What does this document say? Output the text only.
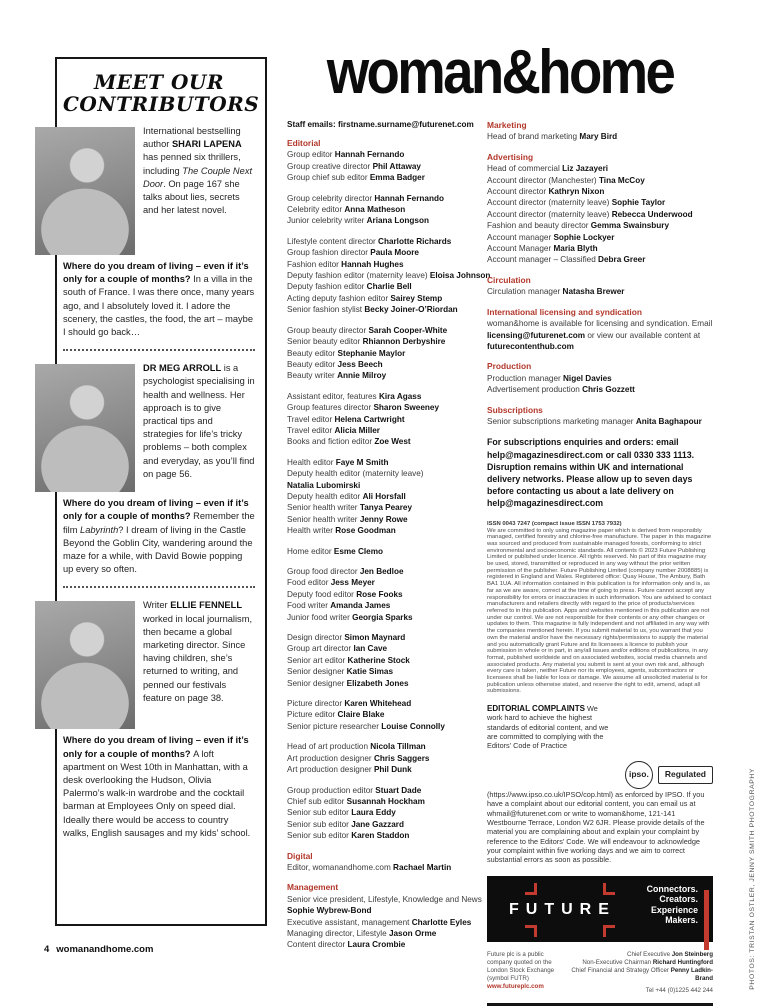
woman&home
MEET OUR
CONTRIBUTORS
International bestselling author SHARI LAPENA has penned six thrillers, including The Couple Next Door. On page 167 she talks about lies, secrets and her latest novel.
Where do you dream of living – even if it’s only for a couple of months? In a villa in the south of France. I was there once, many years ago, and I absolutely loved it. I adore the scenery, the castles, the food, the art – maybe I should go back…
DR MEG ARROLL is a psychologist specialising in health and wellness. Her approach is to give practical tips and strategies for life’s tricky problems – both complex and everyday, as you’ll find on page 56.
Where do you dream of living – even if it’s only for a couple of months? Remember the film Labyrinth? I dream of living in the Castle Beyond the Goblin City, wandering around the maze for a while, with David Bowie popping up every so often.
Writer ELLIE FENNELL worked in local journalism, then became a global marketing director. Since having children, she’s returned to writing, and penned our festivals feature on page 38.
Where do you dream of living – even if it’s only for a couple of months? A loft apartment on West 10th in Manhattan, with a desk overlooking the Hudson, Olivia Palermo’s walk-in wardrobe and the cocktail barman at Employees Only on speed dial. Ideally there would be access to country walks, English sausages and my kids’ school.
Staff emails: firstname.surname@futurenet.com
Editorial
Group editor Hannah Fernando
Group creative director Phil Attaway
Group chief sub editor Emma Badger
Group celebrity director Hannah Fernando
Celebrity editor Anna Matheson
Junior celebrity writer Ariana Longson
Lifestyle content director Charlotte Richards
Group fashion director Paula Moore
Fashion editor Hannah Hughes
Deputy fashion editor (maternity leave) Eloisa Johnson
Deputy fashion editor Charlie Bell
Acting deputy fashion editor Sairey Stemp
Senior fashion stylist Becky Joiner-O’Riordan
Group beauty director Sarah Cooper-White
Senior beauty editor Rhiannon Derbyshire
Beauty editor Stephanie Maylor
Beauty editor Jess Beech
Beauty writer Annie Milroy
Assistant editor, features Kira Agass
Group features director Sharon Sweeney
Travel editor Helena Cartwright
Travel editor Alicia Miller
Books and fiction editor Zoe West
Health editor Faye M Smith
Deputy health editor (maternity leave)
Natalia Lubomirski
Deputy health editor Ali Horsfall
Senior health writer Tanya Pearey
Senior health writer Jenny Rowe
Health writer Rose Goodman
Home editor Esme Clemo
Group food director Jen Bedloe
Food editor Jess Meyer
Deputy food editor Rose Fooks
Food writer Amanda James
Junior food writer Georgia Sparks
Design director Simon Maynard
Group art director Ian Cave
Senior art editor Katherine Stock
Senior designer Katie Simas
Senior designer Elizabeth Jones
Picture director Karen Whitehead
Picture editor Claire Blake
Senior picture researcher Louise Connolly
Head of art production Nicola Tillman
Art production designer Chris Saggers
Art production designer Phil Dunk
Group production editor Stuart Dade
Chief sub editor Susannah Hockham
Senior sub editor Laura Eddy
Senior sub editor Jane Gazzard
Senior sub editor Karen Staddon
Digital
Editor, womanandhome.com Rachael Martin
Management
Senior vice president, Lifestyle, Knowledge and News
Sophie Wybrew-Bond
Executive assistant, management Charlotte Eyles
Managing director, Lifestyle Jason Orme
Content director Laura Crombie
Marketing
Head of brand marketing Mary Bird
Advertising
Head of commercial Liz Jazayeri
Account director (Manchester) Tina McCoy
Account director Kathryn Nixon
Account director (maternity leave) Sophie Taylor
Account director (maternity leave) Rebecca Underwood
Fashion and beauty director Gemma Swainsbury
Account manager Sophie Lockyer
Account Manager Maria Blyth
Account manager – Classified Debra Greer
Circulation
Circulation manager Natasha Brewer
International licensing and syndication
woman&home is available for licensing and syndication. Email licensing@futurenet.com or view our available content at futurecontenthub.com
Production
Production manager Nigel Davies
Advertisement production Chris Gozzett
Subscriptions
Senior subscriptions marketing manager Anita Baghapour
For subscriptions enquiries and orders: email help@magazinesdirect.com or call 0330 333 1113. Disruption remains within UK and international delivery networks. Please allow up to seven days before contacting us about a late delivery on help@magazinesdirect.com
ISSN 0043 7247 (compact issue ISSN 1753 7932)
We are committed to only using magazine paper which is derived from responsibly managed, certified forestry and chlorine-free manufacture. The paper in this magazine was sourced and produced from sustainable managed forests, conforming to strict environmental and socioeconomic standards. All contents © 2023 Future Publishing Limited or published under licence. All rights reserved. No part of this magazine may be used, stored, transmitted or reproduced in any way without the prior written permission of the publisher. Future Publishing Limited (company number 2008885) is registered in England and Wales. Registered office: Quay House, The Ambury, Bath BA1 1UA. All information contained in this publication is for information only and is, as far as we are aware, correct at the time of going to press. Future cannot accept any responsibility for errors or inaccuracies in such information. You are advised to contact manufacturers and retailers directly with regard to the price of products/services referred to in this publication. Apps and websites mentioned in this publication are not under our control. We are not responsible for their contents or any other changes or updates to them. This magazine is fully independent and not affiliated in any way with the companies mentioned herein. If you submit material to us, you warrant that you own the material and/or have the necessary rights/permissions to supply the material and you automatically grant Future and its licensees a licence to publish your submission in whole or in part, in any/all issues and/or editions of publications, in any format, published worldwide and on associated websites, social media channels and associated products. Any material you submit is sent at your own risk and, although every care is taken, neither Future nor its employees, agents, subcontractors or licensees shall be liable for loss or damage. We assume all unsolicited material is for publication unless otherwise stated, and reserve the right to edit, amend, adapt all submissions.
ipso.	Regulated
EDITORIAL COMPLAINTS We work hard to achieve the highest standards of editorial content, and we are committed to complying with the Editors’ Code of Practice (https://www.ipso.co.uk/IPSO/cop.html) as enforced by IPSO. If you have a complaint about our editorial content, you can email us at whmail@futurenet.com or write to woman&home, 121-141 Westbourne Terrace, London W2 6JR. Please provide details of the material you are complaining about and explain your complaint by reference to the Editors’ Code. We will endeavour to acknowledge your complaint within five working days and we aim to correct substantial errors as soon as possible.
FUTURE
Connectors.
Creators.
Experience
Makers.
Future plc is a public company quoted on the London Stock Exchange (symbol FUTR)
www.futureplc.com
Chief Executive Jon Steinberg
Non-Executive Chairman Richard Huntingford
Chief Financial and Strategy Officer Penny Ladkin-Brand
Tel +44 (0)1225 442 244
4 womanandhome.com	PHOTOS: TRISTAN OSTLER, JENNY SMITH PHOTOGRAPHY
